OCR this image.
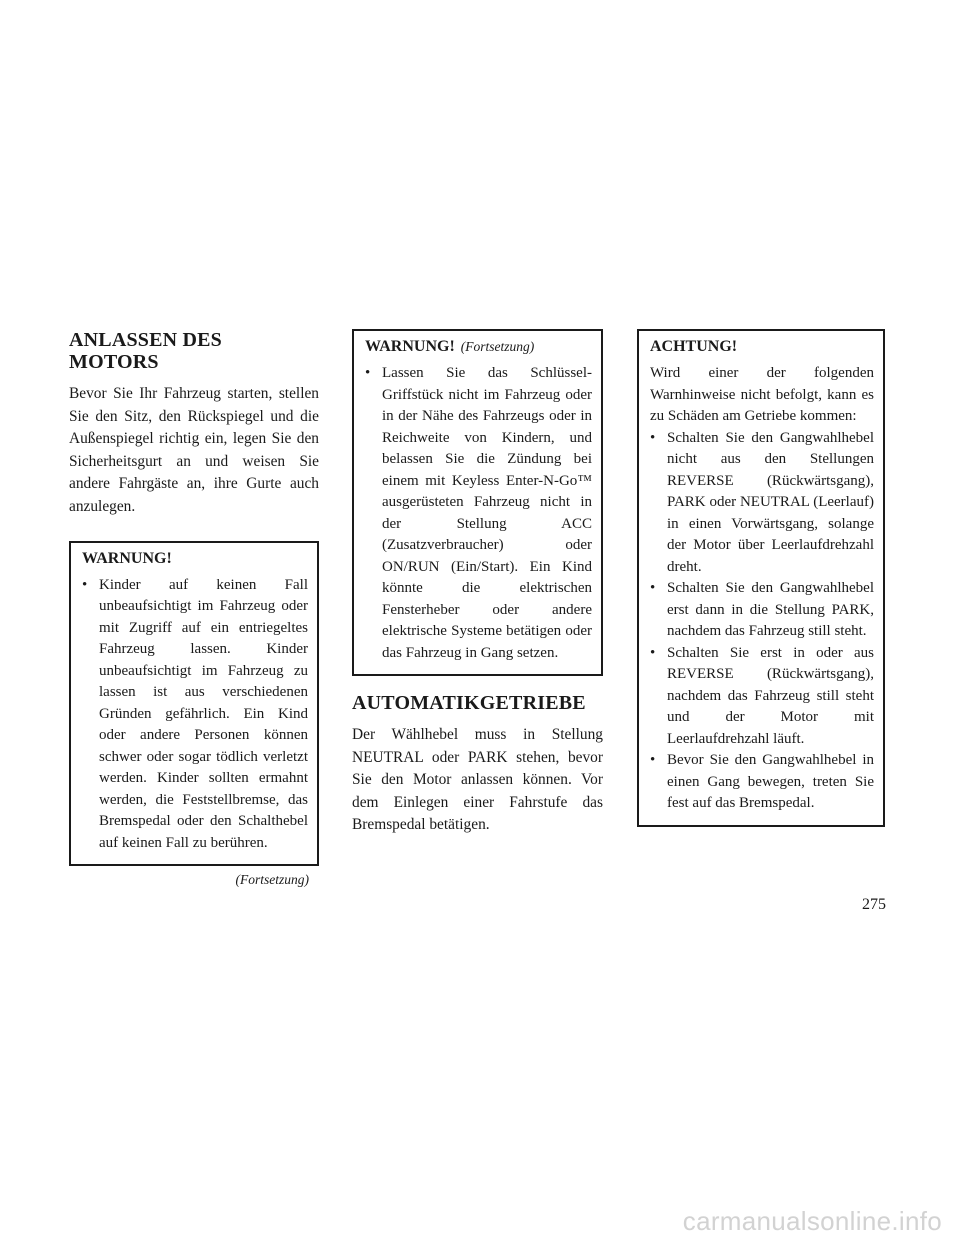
ANLASSEN DES MOTORS

Bevor Sie Ihr Fahrzeug starten, stellen Sie den Sitz, den Rückspiegel und die Außenspiegel richtig ein, legen Sie den Sicherheitsgurt an und weisen Sie andere Fahrgäste an, ihre Gurte auch anzulegen.

WARNUNG!
• Kinder auf keinen Fall unbeaufsichtigt im Fahrzeug oder mit Zugriff auf ein entriegeltes Fahrzeug lassen. Kinder unbeaufsichtigt im Fahrzeug zu lassen ist aus verschiedenen Gründen gefährlich. Ein Kind oder andere Personen können schwer oder sogar tödlich verletzt werden. Kinder sollten ermahnt werden, die Feststellbremse, das Bremspedal oder den Schalthebel auf keinen Fall zu berühren.
(Fortsetzung)
WARNUNG! (Fortsetzung)
• Lassen Sie das Schlüssel-Griffstück nicht im Fahrzeug oder in der Nähe des Fahrzeugs oder in Reichweite von Kindern, und belassen Sie die Zündung bei einem mit Keyless Enter-N-Go™ ausgerüsteten Fahrzeug nicht in der Stellung ACC (Zusatzverbraucher) oder ON/RUN (Ein/Start). Ein Kind könnte die elektrischen Fensterheber oder andere elektrische Systeme betätigen oder das Fahrzeug in Gang setzen.
AUTOMATIKGETRIEBE

Der Wählhebel muss in Stellung NEUTRAL oder PARK stehen, bevor Sie den Motor anlassen können. Vor dem Einlegen einer Fahrstufe das Bremspedal betätigen.

ACHTUNG!

Wird einer der folgenden Warnhinweise nicht befolgt, kann es zu Schäden am Getriebe kommen:

• Schalten Sie den Gangwahlhebel nicht aus den Stellungen REVERSE (Rückwärtsgang), PARK oder NEUTRAL (Leerlauf) in einen Vorwärtsgang, solange der Motor über Leerlaufdrehzahl dreht.
• Schalten Sie den Gangwahlhebel erst dann in die Stellung PARK, nachdem das Fahrzeug still steht.
• Schalten Sie erst in oder aus REVERSE (Rückwärtsgang), nachdem das Fahrzeug still steht und der Motor mit Leerlaufdrehzahl läuft.
• Bevor Sie den Gangwahlhebel in einen Gang bewegen, treten Sie fest auf das Bremspedal.
275
carmanualsonline.info
